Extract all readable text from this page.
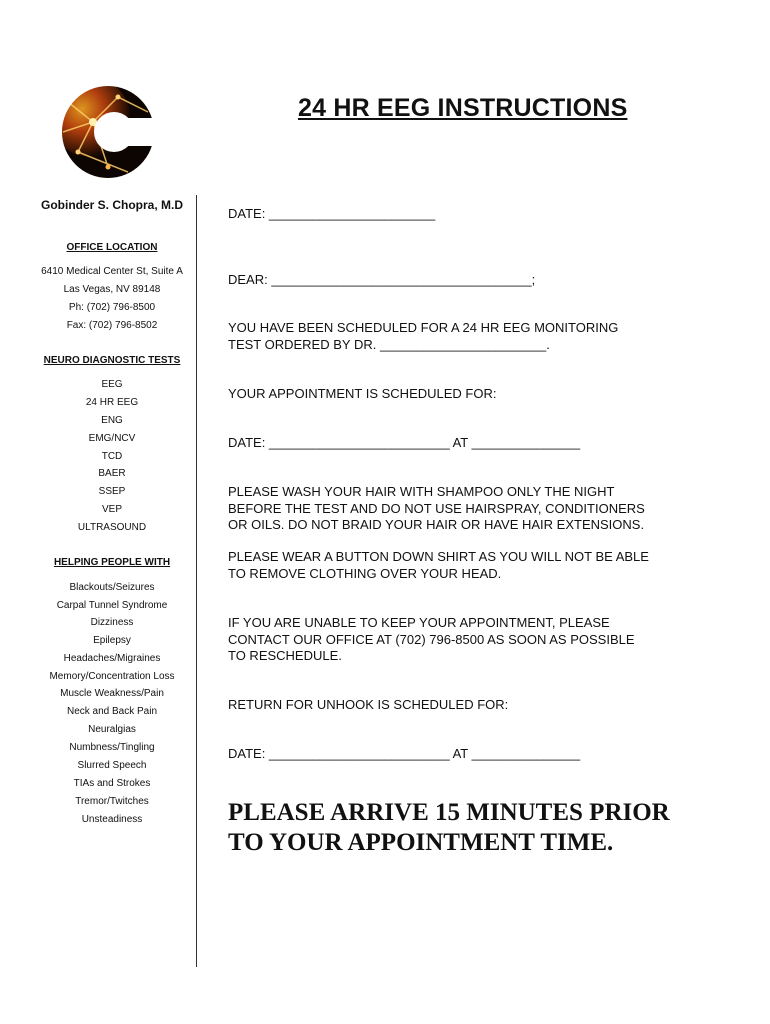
24 HR EEG INSTRUCTIONS
Gobinder S. Chopra, M.D
OFFICE LOCATION
6410 Medical Center St, Suite A
Las Vegas, NV 89148
Ph: (702) 796-8500
Fax: (702) 796-8502
NEURO DIAGNOSTIC TESTS
EEG
24 HR EEG
ENG
EMG/NCV
TCD
BAER
SSEP
VEP
ULTRASOUND
HELPING PEOPLE WITH
Blackouts/Seizures
Carpal Tunnel Syndrome
Dizziness
Epilepsy
Headaches/Migraines
Memory/Concentration Loss
Muscle Weakness/Pain
Neck and Back Pain
Neuralgias
Numbness/Tingling
Slurred Speech
TIAs and Strokes
Tremor/Twitches
Unsteadiness
DATE: _______________________
DEAR: ____________________________________;
YOU HAVE BEEN SCHEDULED FOR A 24 HR EEG MONITORING
TEST ORDERED BY DR. _______________________.
YOUR APPOINTMENT IS SCHEDULED FOR:
DATE: _________________________ AT _______________
PLEASE WASH YOUR HAIR WITH SHAMPOO ONLY THE NIGHT
BEFORE THE TEST AND DO NOT USE HAIRSPRAY, CONDITIONERS
OR OILS. DO NOT BRAID YOUR HAIR OR HAVE HAIR EXTENSIONS.
PLEASE WEAR A BUTTON DOWN SHIRT AS YOU WILL NOT BE ABLE
TO REMOVE CLOTHING OVER YOUR HEAD.
IF YOU ARE UNABLE TO KEEP YOUR APPOINTMENT, PLEASE
CONTACT OUR OFFICE AT (702) 796-8500 AS SOON AS POSSIBLE
TO RESCHEDULE.
RETURN FOR UNHOOK IS SCHEDULED FOR:
DATE: _________________________ AT _______________
PLEASE ARRIVE 15 MINUTES PRIOR
TO YOUR APPOINTMENT TIME.
